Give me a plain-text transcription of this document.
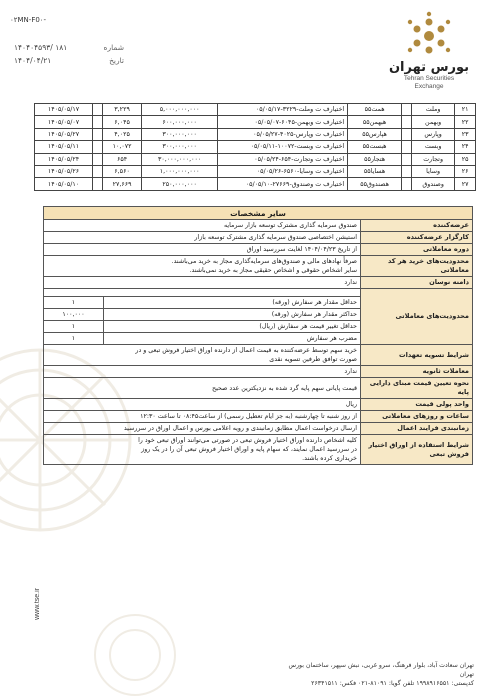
۰۲MN-F0۰-
شماره
۱۸۱ /۱۴۰۴۰۴۵۹۳
تاریخ
۱۴۰۴/۰۴/۲۱	بورس تهران
Tehran Securities
Exchange
۲۱	وملت		همت۵۵	اختیارف ت وملت-۳۲۲۹-۰۵/۰۵/۱۷	۵,۰۰۰,۰۰۰,۰۰۰	۳,۲۲۹		۱۴۰۵/۰۵/۱۷
۲۲	وبهمن		هبهمن۵۵	اختیارف ت وبهمن-۶۰۴۵-۰۵/۰۵/۰۷	۶۰۰,۰۰۰,۰۰۰	۶,۰۴۵		۱۴۰۵/۰۵/۰۷
۲۳	وپارس		هپارس۵۵	اختیارف ت وپارس-۴۰۲۵-۰۵/۰۵/۲۷	۳۰۰,۰۰۰,۰۰۰	۴,۰۲۵		۱۴۰۵/۰۵/۲۷
۲۴	وبست		هبست۵۵	اختیارف ت وبست-۱۰۰۷۲-۰۵/۰۵/۱۱	۳۰۰,۰۰۰,۰۰۰	۱۰,۰۷۲		۱۴۰۵/۰۵/۱۱
۲۵	وتجارت		هتجار۵۵	اختیارف ت وتجارت-۶۵۴-۰۵/۰۵/۲۴	۳۰,۰۰۰,۰۰۰,۰۰۰	۶۵۴		۱۴۰۵/۰۵/۲۴
۲۶	وسایا		هسایا۵۵	اختیارف ت وسایا-۶۵۶۰-۰۵/۰۵/۲۶	۱,۰۰۰,۰۰۰,۰۰۰	۶,۵۶۰		۱۴۰۵/۰۵/۲۶
۲۷	وصندوق		هصندوق۵۵	اختیارف ت وصندوق-۲۷۶۶۹-۰۵/۰۵/۱۰	۲۵۰,۰۰۰,۰۰۰	۲۷,۶۶۹		۱۴۰۵/۰۵/۱۰
سایر مشخصات		
عرضه‌کننده	صندوق سرمایه گذاری مشترک توسعه بازار سرمایه	
کارگزار عرضه‌کننده	استیشن اختصاصی صندوق سرمایه گذاری مشترک توسعه بازار	
دوره معاملاتی	از تاریخ ۱۴۰۴/۰۴/۲۳ لغایت سررسید اوراق	
محدودیت‌های خرید هر کد معاملاتی	صرفاً نهادهای مالی و صندوق‌های سرمایه‌گذاری مجاز به خرید می‌باشند.
سایر اشخاص حقوقی و اشخاص حقیقی مجاز به خرید نمی‌باشند.	

دامنه نوسان	ندارد	
محدودیت‌های معاملاتی		
	حداقل مقدار هر سفارش (ورقه)	۱
	حداکثر مقدار هر سفارش (ورقه)	۱۰۰,۰۰۰
	حداقل تغییر قیمت هر سفارش (ریال)	۱
	مضرب هر سفارش	۱
شرایط تسویه تعهدات	خرید سهم توسط عرضه‌کننده به قیمت اعمال از دارنده اوراق اختیار فروش تبعی و در
صورت توافق طرفین تسویه نقدی	

معاملات ثانویه	ندارد	
نحوه تعیین قیمت مبنای دارایی پایه	قیمت پایانی سهم پایه گرد شده به نزدیکترین عدد صحیح	
واحد پولی قیمت	ریال	
ساعات و روزهای معاملاتی	از روز شنبه تا چهارشنبه (به جز ایام تعطیل رسمی) از ساعت۰۸:۴۵ تا ساعت ۱۲:۳۰	
زمانبندی فرایند اعمال	ارسال درخواست اعمال مطابق زمانبندی و رویه اعلامی بورس و اعمال اوراق در سررسید	
شرایط استفاده از اوراق اختیار فروش تبعی	کلیه اشخاص دارنده اوراق اختیار فروش تبعی در صورتی می‌توانند اوراق تبعی خود را
در سررسید اعمال نمایند، که سهام پایه و اوراق اختیار فروش تبعی آن را در یک روز
خریداری کرده باشند.	
www.tse.ir
تهران سعادت آباد، بلوار فرهنگ، سرو غربی، نبش سپهر، ساختمان بورس تهران
کدپستی: ۱۹۹۸۹۱۶۵۵۱ تلفن گویا: ۸۱۰۹۱-۰۲۱ فکس: ۲۶۳۴۱۵۱۱
